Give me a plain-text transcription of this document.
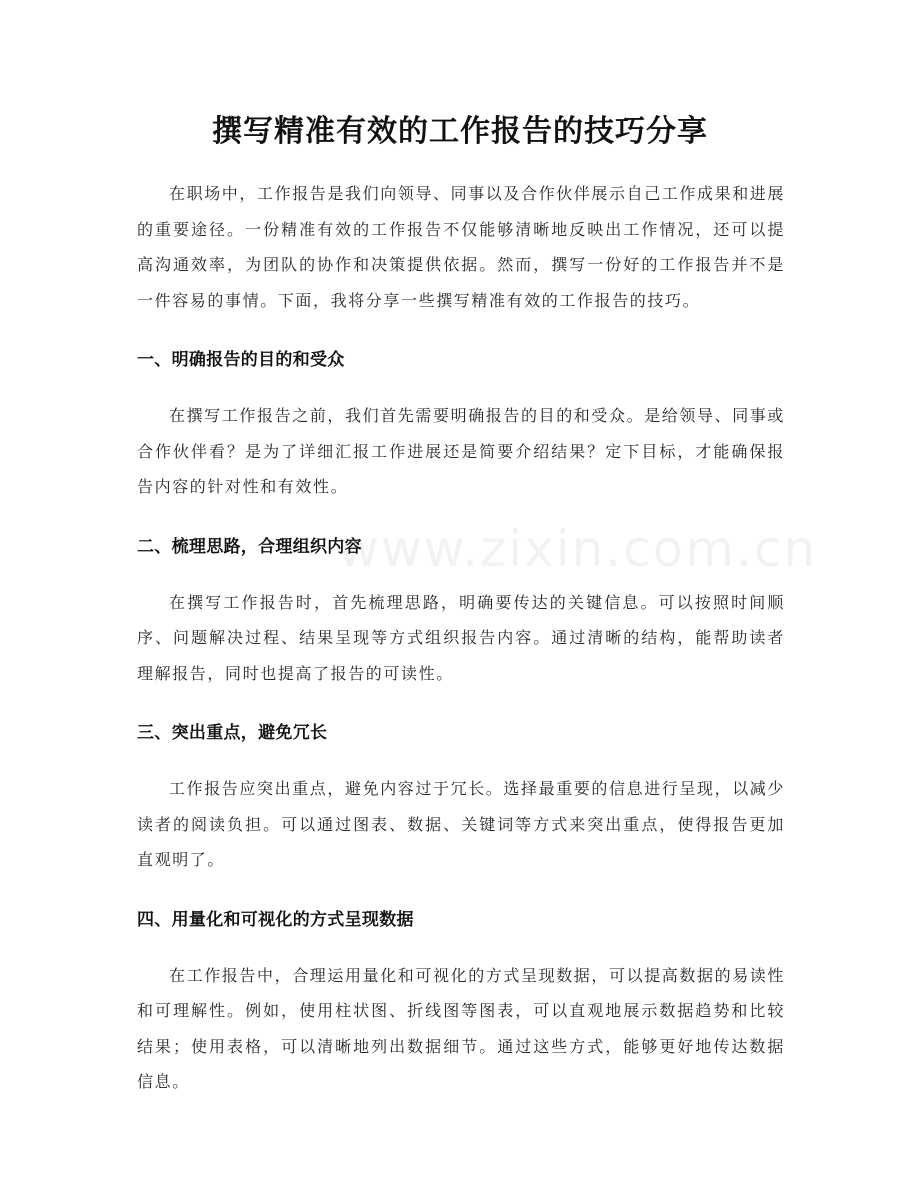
www.zixin.com.cn
撰写精准有效的工作报告的技巧分享

在职场中，工作报告是我们向领导、同事以及合作伙伴展示自己工作成果和进展的重要途径。一份精准有效的工作报告不仅能够清晰地反映出工作情况，还可以提高沟通效率，为团队的协作和决策提供依据。然而，撰写一份好的工作报告并不是一件容易的事情。下面，我将分享一些撰写精准有效的工作报告的技巧。

一、明确报告的目的和受众

在撰写工作报告之前，我们首先需要明确报告的目的和受众。是给领导、同事或合作伙伴看？是为了详细汇报工作进展还是简要介绍结果？定下目标，才能确保报告内容的针对性和有效性。

二、梳理思路，合理组织内容

在撰写工作报告时，首先梳理思路，明确要传达的关键信息。可以按照时间顺序、问题解决过程、结果呈现等方式组织报告内容。通过清晰的结构，能帮助读者理解报告，同时也提高了报告的可读性。

三、突出重点，避免冗长

工作报告应突出重点，避免内容过于冗长。选择最重要的信息进行呈现，以减少读者的阅读负担。可以通过图表、数据、关键词等方式来突出重点，使得报告更加直观明了。

四、用量化和可视化的方式呈现数据

在工作报告中，合理运用量化和可视化的方式呈现数据，可以提高数据的易读性和可理解性。例如，使用柱状图、折线图等图表，可以直观地展示数据趋势和比较结果；使用表格，可以清晰地列出数据细节。通过这些方式，能够更好地传达数据信息。
